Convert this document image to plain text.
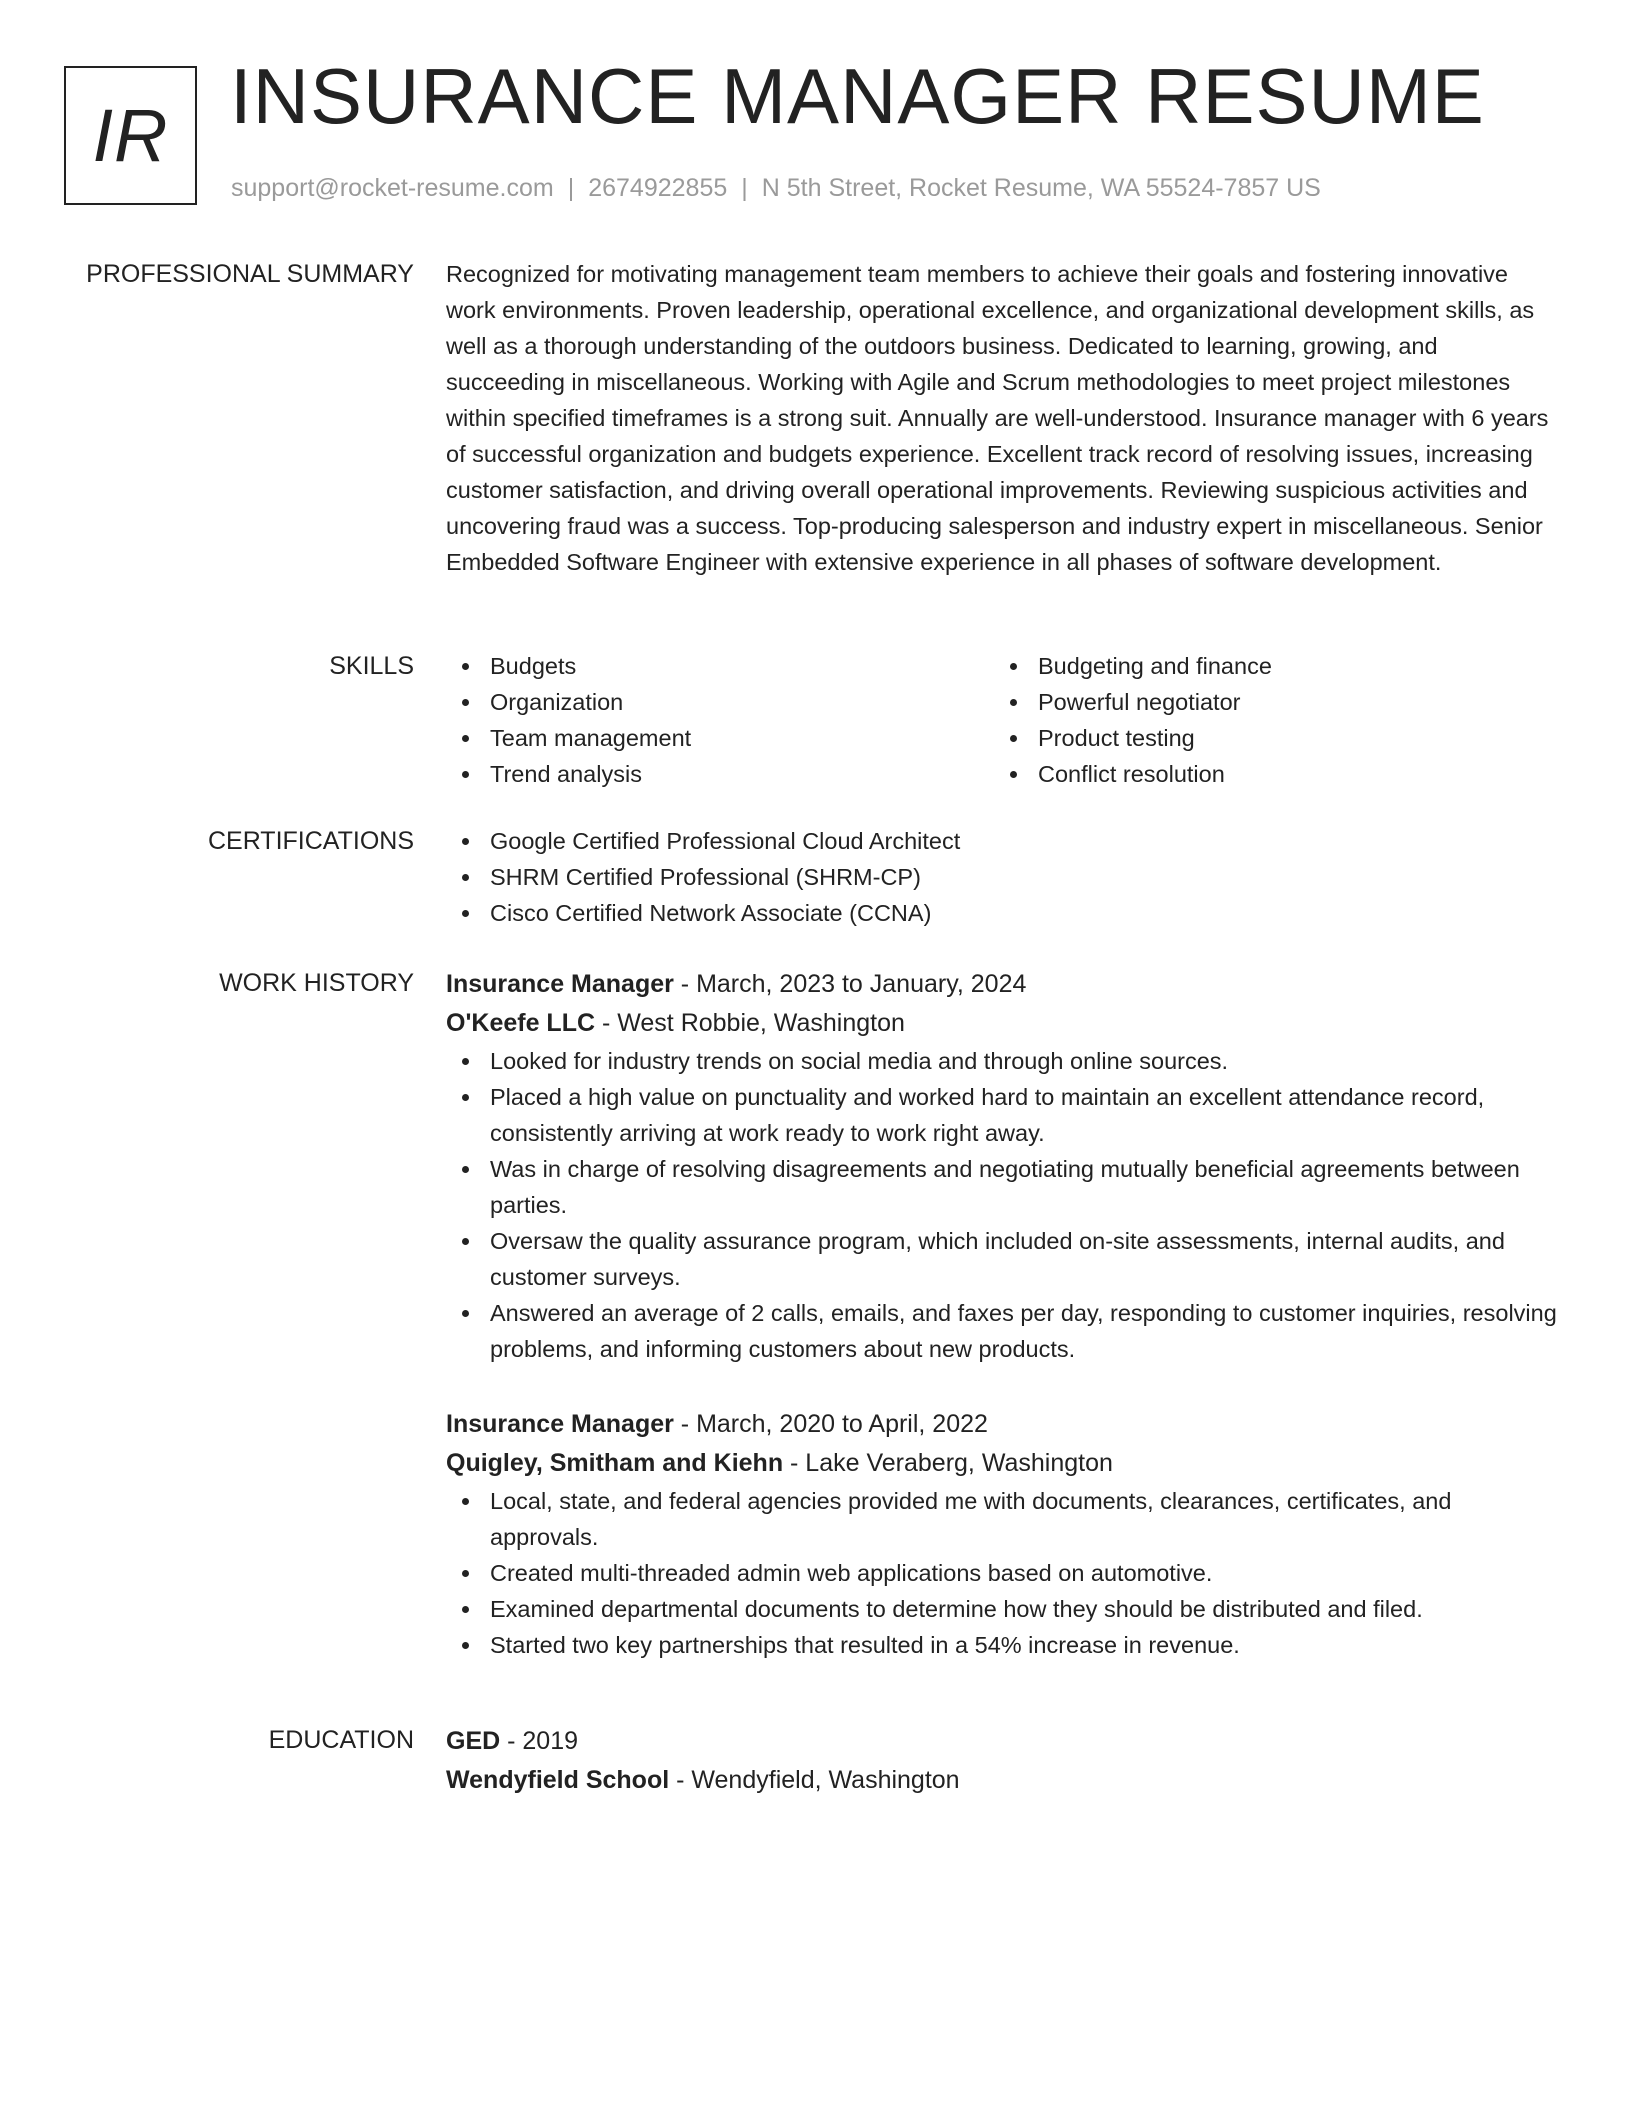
IR INSURANCE MANAGER RESUME
support@rocket-resume.com | 2674922855 | N 5th Street, Rocket Resume, WA 55524-7857 US
PROFESSIONAL SUMMARY Recognized for motivating management team members to achieve their goals and fostering innovative work environments. Proven leadership, operational excellence, and organizational development skills, as well as a thorough understanding of the outdoors business. Dedicated to learning, growing, and succeeding in miscellaneous. Working with Agile and Scrum methodologies to meet project milestones within specified timeframes is a strong suit. Annually are well-understood. Insurance manager with 6 years of successful organization and budgets experience. Excellent track record of resolving issues, increasing customer satisfaction, and driving overall operational improvements. Reviewing suspicious activities and uncovering fraud was a success. Top-producing salesperson and industry expert in miscellaneous. Senior Embedded Software Engineer with extensive experience in all phases of software development.

SKILLS	Budgets
Organization
Team management
Trend analysis
Budgeting and finance
Powerful negotiator
Product testing
Conflict resolution
CERTIFICATIONS	Google Certified Professional Cloud Architect
SHRM Certified Professional (SHRM-CP)
Cisco Certified Network Associate (CCNA)
WORK HISTORY Insurance Manager - March, 2023 to January, 2024
O'Keefe LLC - West Robbie, Washington
Looked for industry trends on social media and through online sources.
Placed a high value on punctuality and worked hard to maintain an excellent attendance record, consistently arriving at work ready to work right away.
Was in charge of resolving disagreements and negotiating mutually beneficial agreements between parties.
Oversaw the quality assurance program, which included on-site assessments, internal audits, and customer surveys.
Answered an average of 2 calls, emails, and faxes per day, responding to customer inquiries, resolving problems, and informing customers about new products.
Insurance Manager - March, 2020 to April, 2022
Quigley, Smitham and Kiehn - Lake Veraberg, Washington
Local, state, and federal agencies provided me with documents, clearances, certificates, and approvals.
Created multi-threaded admin web applications based on automotive.
Examined departmental documents to determine how they should be distributed and filed.
Started two key partnerships that resulted in a 54% increase in revenue.
EDUCATION GED - 2019
Wendyfield School - Wendyfield, Washington
